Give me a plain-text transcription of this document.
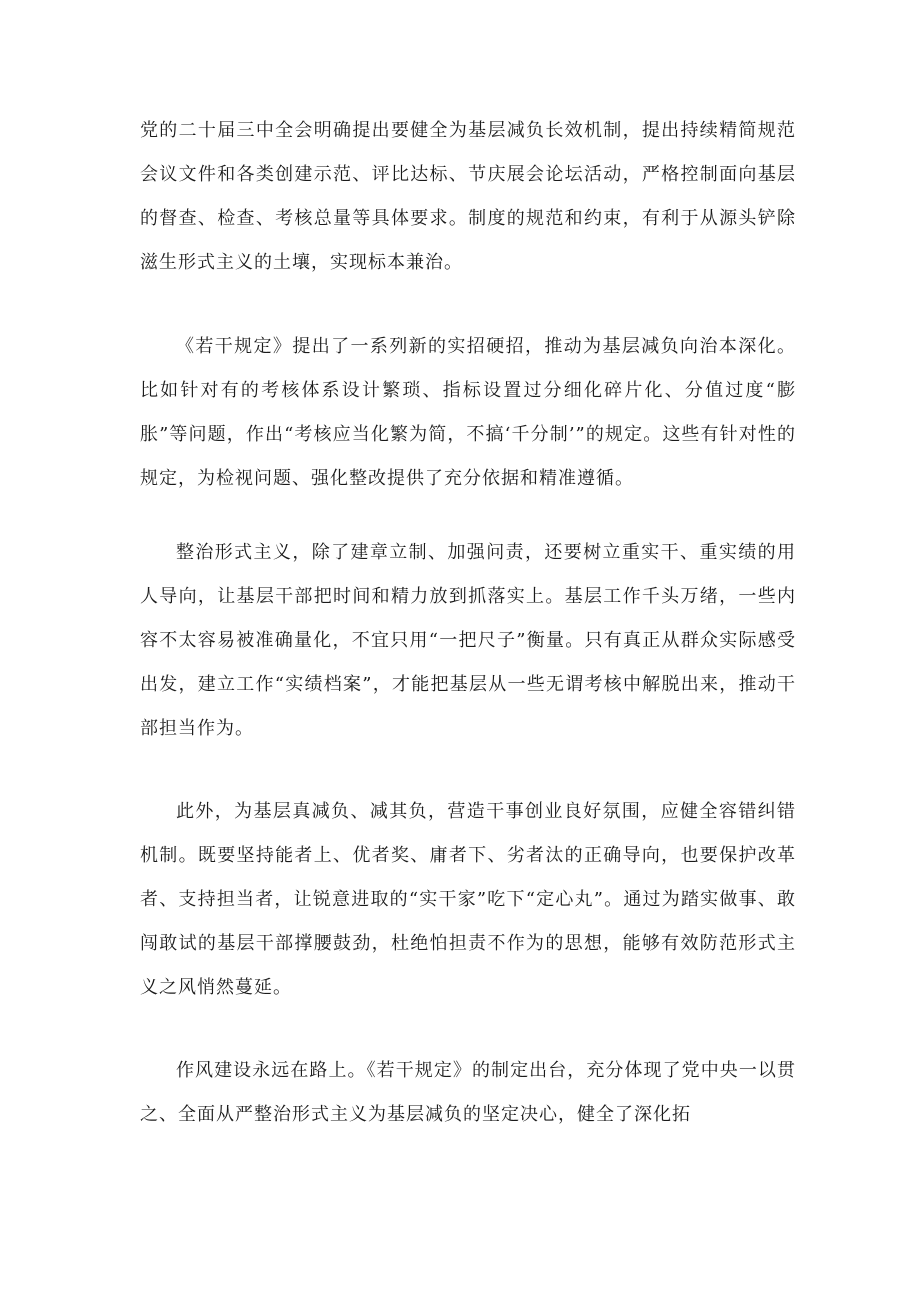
党的二十届三中全会明确提出要健全为基层减负长效机制，提出持续精简规范会议文件和各类创建示范、评比达标、节庆展会论坛活动，严格控制面向基层的督查、检查、考核总量等具体要求。制度的规范和约束，有利于从源头铲除滋生形式主义的土壤，实现标本兼治。

《若干规定》提出了一系列新的实招硬招，推动为基层减负向治本深化。比如针对有的考核体系设计繁琐、指标设置过分细化碎片化、分值过度“膨胀”等问题，作出“考核应当化繁为简，不搞‘千分制’”的规定。这些有针对性的规定，为检视问题、强化整改提供了充分依据和精准遵循。

整治形式主义，除了建章立制、加强问责，还要树立重实干、重实绩的用人导向，让基层干部把时间和精力放到抓落实上。基层工作千头万绪，一些内容不太容易被准确量化，不宜只用“一把尺子”衡量。只有真正从群众实际感受出发，建立工作“实绩档案”，才能把基层从一些无谓考核中解脱出来，推动干部担当作为。

此外，为基层真减负、减其负，营造干事创业良好氛围，应健全容错纠错机制。既要坚持能者上、优者奖、庸者下、劣者汰的正确导向，也要保护改革者、支持担当者，让锐意进取的“实干家”吃下“定心丸”。通过为踏实做事、敢闯敢试的基层干部撑腰鼓劲，杜绝怕担责不作为的思想，能够有效防范形式主义之风悄然蔓延。

作风建设永远在路上。《若干规定》的制定出台，充分体现了党中央一以贯之、全面从严整治形式主义为基层减负的坚定决心，健全了深化拓
